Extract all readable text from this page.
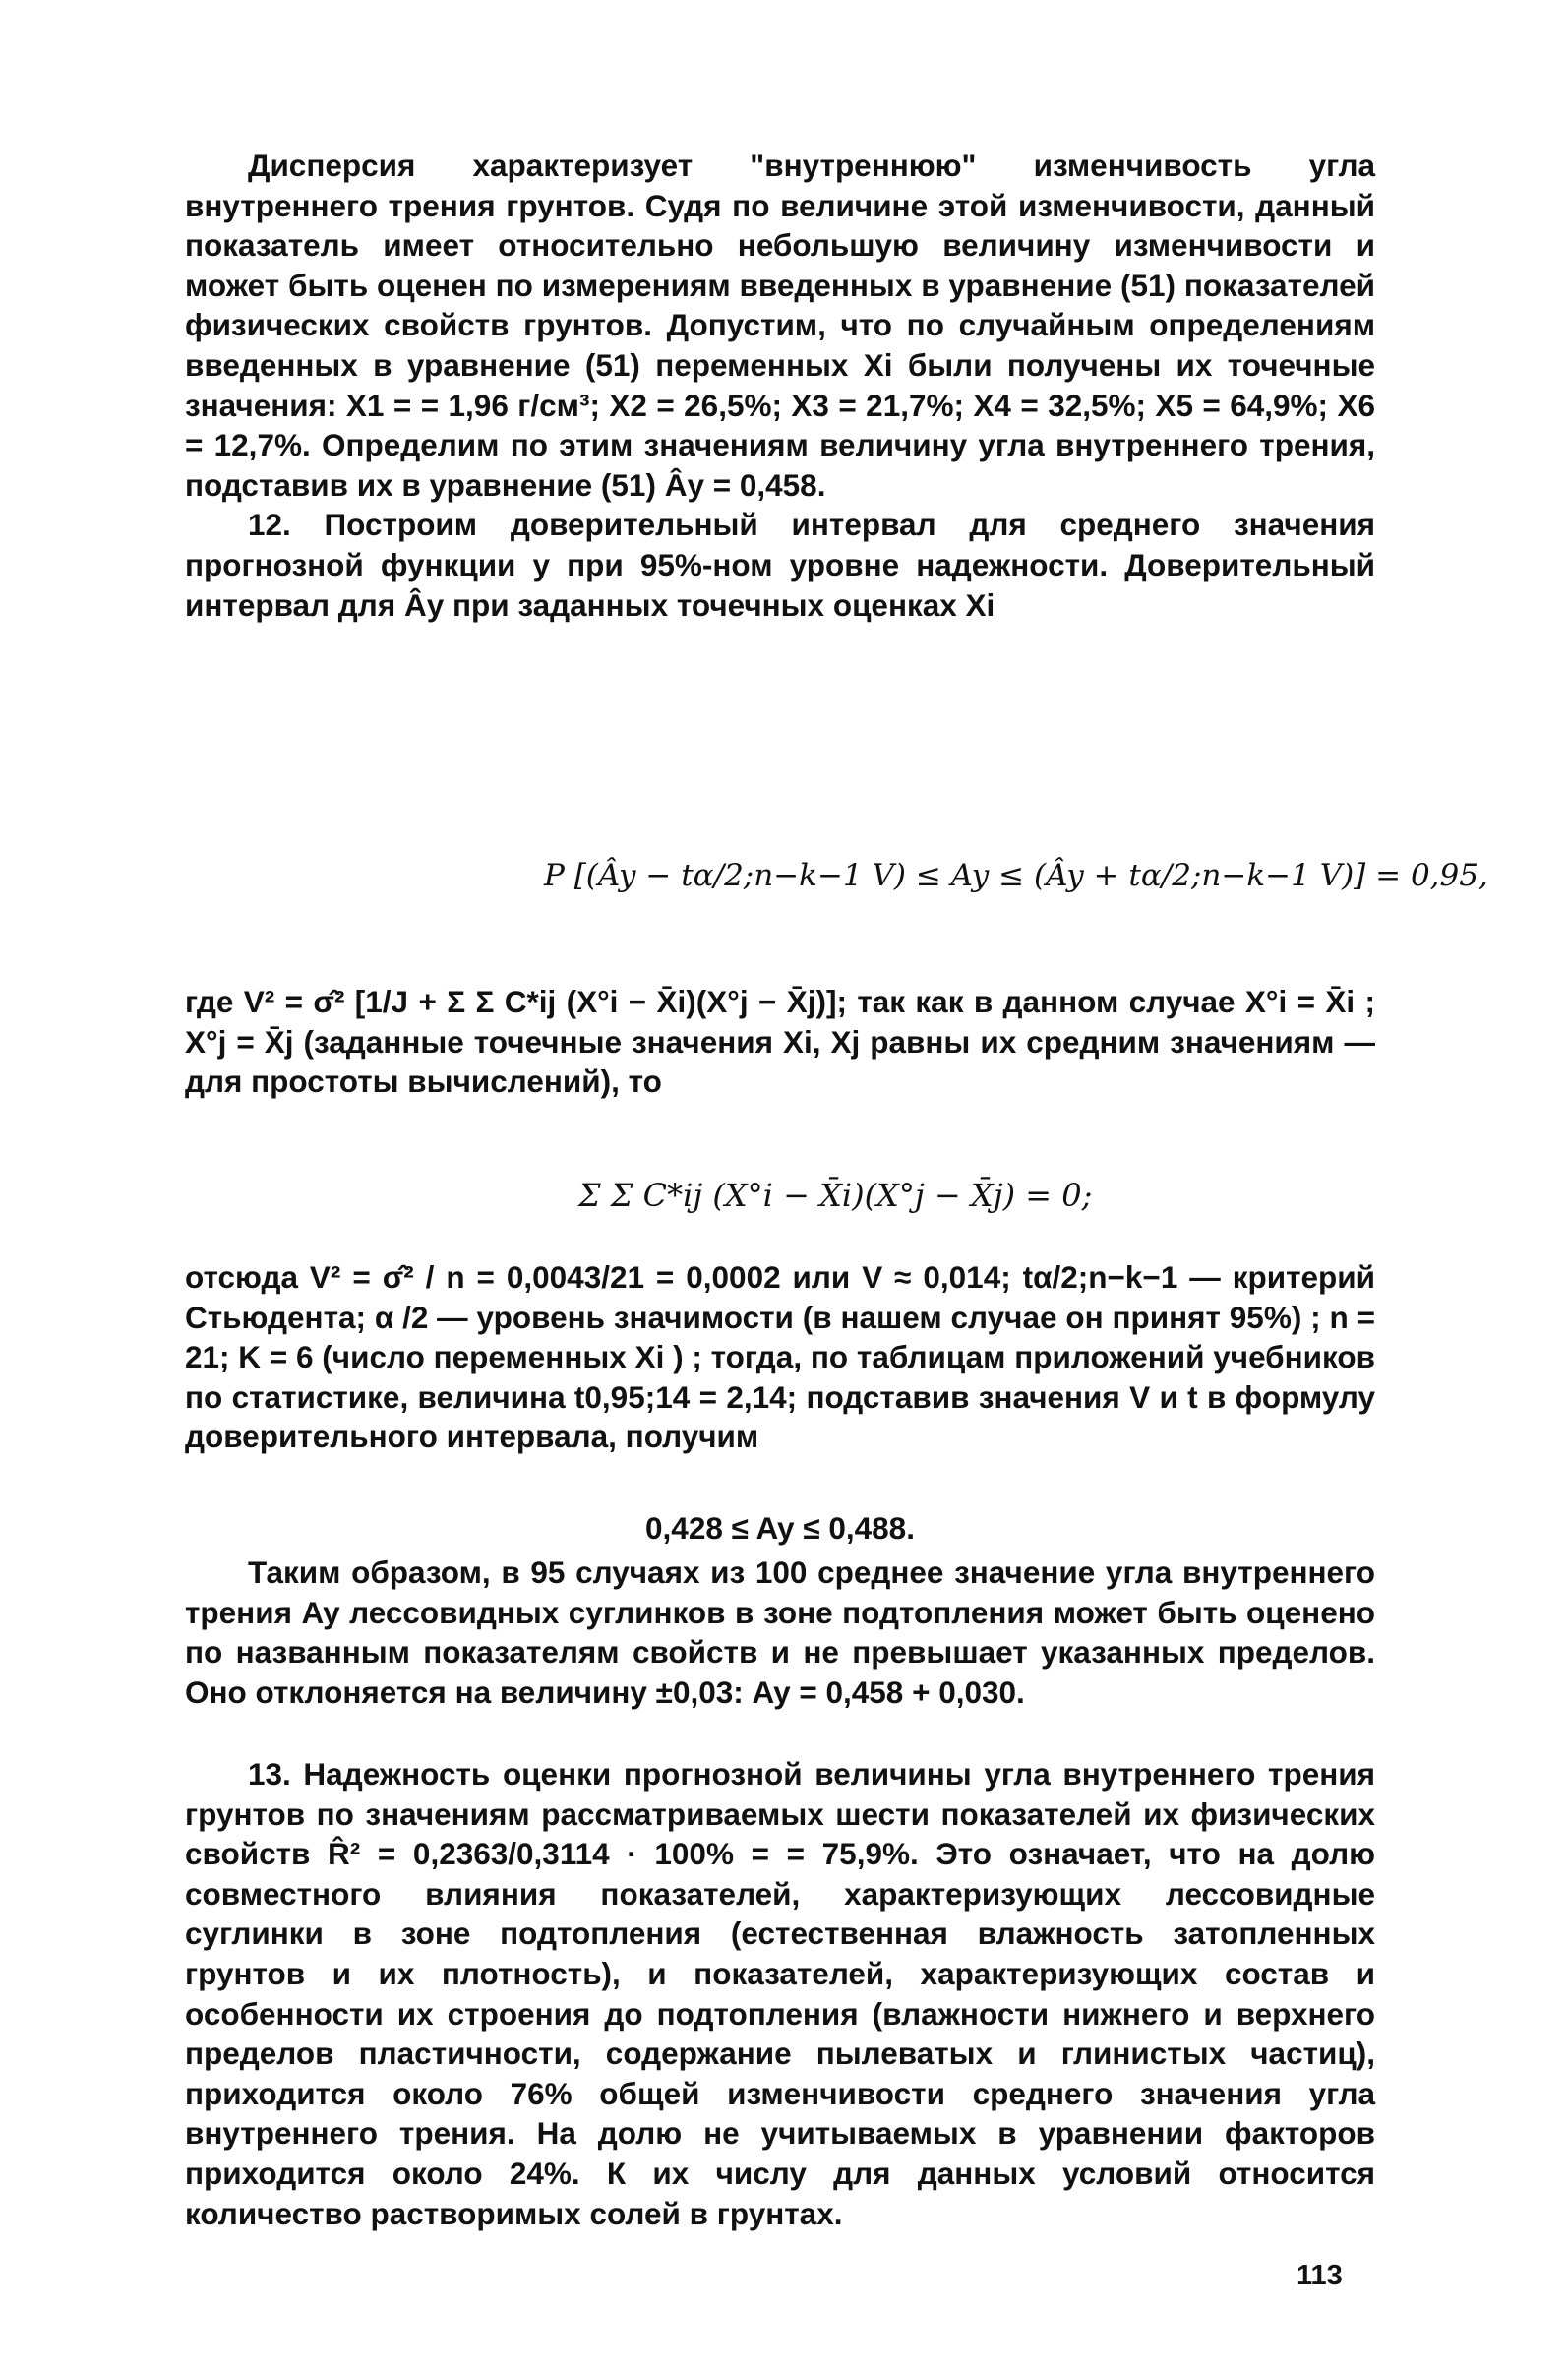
Дисперсия характеризует "внутреннюю" изменчивость угла внутреннего трения грунтов. Судя по величине этой изменчивости, данный показатель имеет относительно небольшую величину изменчивости и может быть оценен по измерениям введенных в уравнение (51) показателей физических свойств грунтов. Допустим, что по случайным определениям введенных в уравнение (51) переменных Xi были получены их точечные значения: X1 = = 1,96 г/см³; X2 = 26,5%; X3 = 21,7%; X4 = 32,5%; X5 = 64,9%; X6 = 12,7%. Определим по этим значениям величину угла внутреннего трения, подставив их в уравнение (51) Ây = 0,458.

12. Построим доверительный интервал для среднего значения прогнозной функции y при 95%-ном уровне надежности. Доверительный интервал для Ây при заданных точечных оценках Xi

P [(Ây − tα/2;n−k−1 V) ≤ Ay ≤ (Ây + tα/2;n−k−1 V)] = 0,95,

где V² = σ̂² [1/J + Σ Σ C*ij (X°i − X̄i)(X°j − X̄j)]; так как в данном случае X°i = X̄i ; X°j = X̄j (заданные точечные значения Xi, Xj равны их средним значениям — для простоты вычислений), то

Σ Σ C*ij (X°i − X̄i)(X°j − X̄j) = 0;

отсюда V² = σ̂² / n = 0,0043/21 = 0,0002 или V ≈ 0,014; tα/2;n−k−1 — критерий Стьюдента; α /2 — уровень значимости (в нашем случае он принят 95%) ; n = 21; K = 6 (число переменных Xi ) ; тогда, по таблицам приложений учебников по статистике, величина t0,95;14 = 2,14; подставив значения V и t в формулу доверительного интервала, получим

0,428 ≤ Ay ≤ 0,488.

Таким образом, в 95 случаях из 100 среднее значение угла внутреннего трения Ay лессовидных суглинков в зоне подтопления может быть оценено по названным показателям свойств и не превышает указанных пределов. Оно отклоняется на величину ±0,03: Ay = 0,458 + 0,030.

13. Надежность оценки прогнозной величины угла внутреннего трения грунтов по значениям рассматриваемых шести показателей их физических свойств R̂² = 0,2363/0,3114 · 100% = = 75,9%. Это означает, что на долю совместного влияния показателей, характеризующих лессовидные суглинки в зоне подтопления (естественная влажность затопленных грунтов и их плотность), и показателей, характеризующих состав и особенности их строения до подтопления (влажности нижнего и верхнего пределов пластичности, содержание пылеватых и глинистых частиц), приходится около 76% общей изменчивости среднего значения угла внутреннего трения. На долю не учитываемых в уравнении факторов приходится около 24%. К их числу для данных условий относится количество растворимых солей в грунтах.

113
